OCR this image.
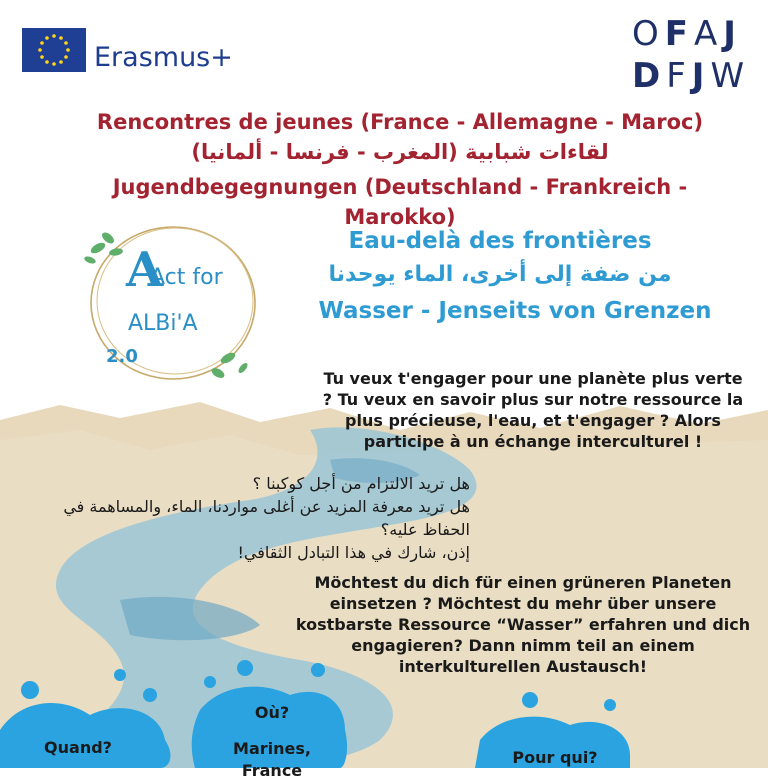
Erasmus+
OFAJ
DFJW
Rencontres de jeunes (France - Allemagne - Maroc)
لقاءات شبابية (المغرب - فرنسا - ألمانيا)
Jugendbegegnungen (Deutschland - Frankreich - Marokko)
A
Act for
ALBi'A
2.0
Eau-delà des frontières
من ضفة إلى أخرى، الماء يوحدنا
Wasser - Jenseits von Grenzen
Tu veux t'engager pour une planète plus verte ? Tu veux en savoir plus sur notre ressource la plus précieuse, l'eau, et t'engager ? Alors participe à un échange interculturel !
هل تريد الالتزام من أجل كوكبنا ؟
هل تريد معرفة المزيد عن أغلى مواردنا، الماء، والمساهمة في الحفاظ عليه؟
إذن، شارك في هذا التبادل الثقافي!
Möchtest du dich für einen grüneren Planeten einsetzen ? Möchtest du mehr über unsere kostbarste Ressource “Wasser” erfahren und dich engagieren? Dann nimm teil an einem interkulturellen Austausch!
Quand?
Où?
Marines, France
Pour qui?
